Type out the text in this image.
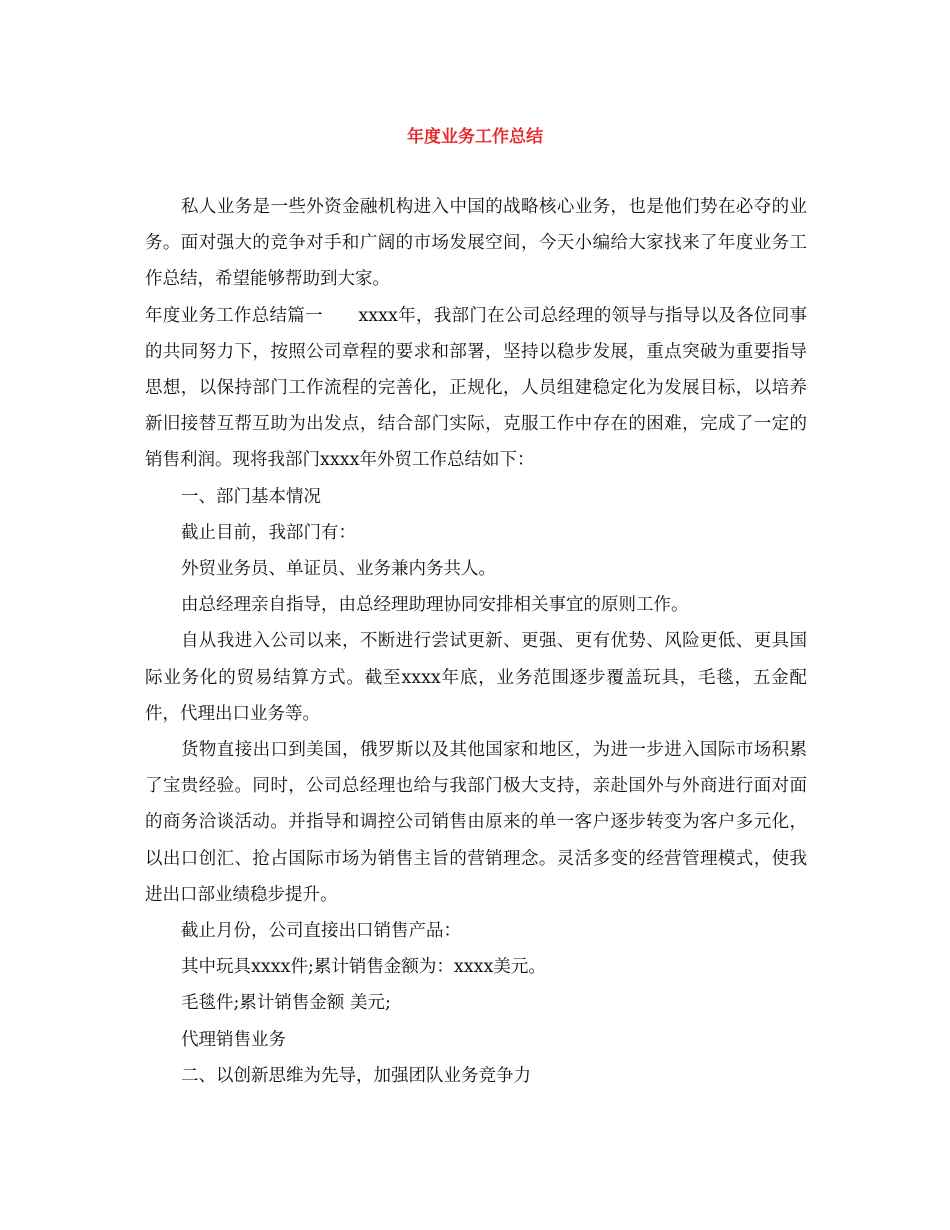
年度业务工作总结

私人业务是一些外资金融机构进入中国的战略核心业务，也是他们势在必夺的业务。面对强大的竞争对手和广阔的市场发展空间，今天小编给大家找来了年度业务工作总结，希望能够帮助到大家。

年度业务工作总结篇一　　xxxx年，我部门在公司总经理的领导与指导以及各位同事的共同努力下，按照公司章程的要求和部署，坚持以稳步发展，重点突破为重要指导思想，以保持部门工作流程的完善化，正规化，人员组建稳定化为发展目标，以培养新旧接替互帮互助为出发点，结合部门实际，克服工作中存在的困难，完成了一定的销售利润。现将我部门xxxx年外贸工作总结如下：

一、部门基本情况

截止目前，我部门有：

外贸业务员、单证员、业务兼内务共人。

由总经理亲自指导，由总经理助理协同安排相关事宜的原则工作。

自从我进入公司以来，不断进行尝试更新、更强、更有优势、风险更低、更具国际业务化的贸易结算方式。截至xxxx年底，业务范围逐步覆盖玩具，毛毯，五金配件，代理出口业务等。

货物直接出口到美国，俄罗斯以及其他国家和地区，为进一步进入国际市场积累了宝贵经验。同时，公司总经理也给与我部门极大支持，亲赴国外与外商进行面对面的商务洽谈活动。并指导和调控公司销售由原来的单一客户逐步转变为客户多元化，以出口创汇、抢占国际市场为销售主旨的营销理念。灵活多变的经营管理模式，使我进出口部业绩稳步提升。

截止月份，公司直接出口销售产品：

其中玩具xxxx件;累计销售金额为：xxxx美元。

毛毯件;累计销售金额 美元;

代理销售业务

二、以创新思维为先导，加强团队业务竞争力
